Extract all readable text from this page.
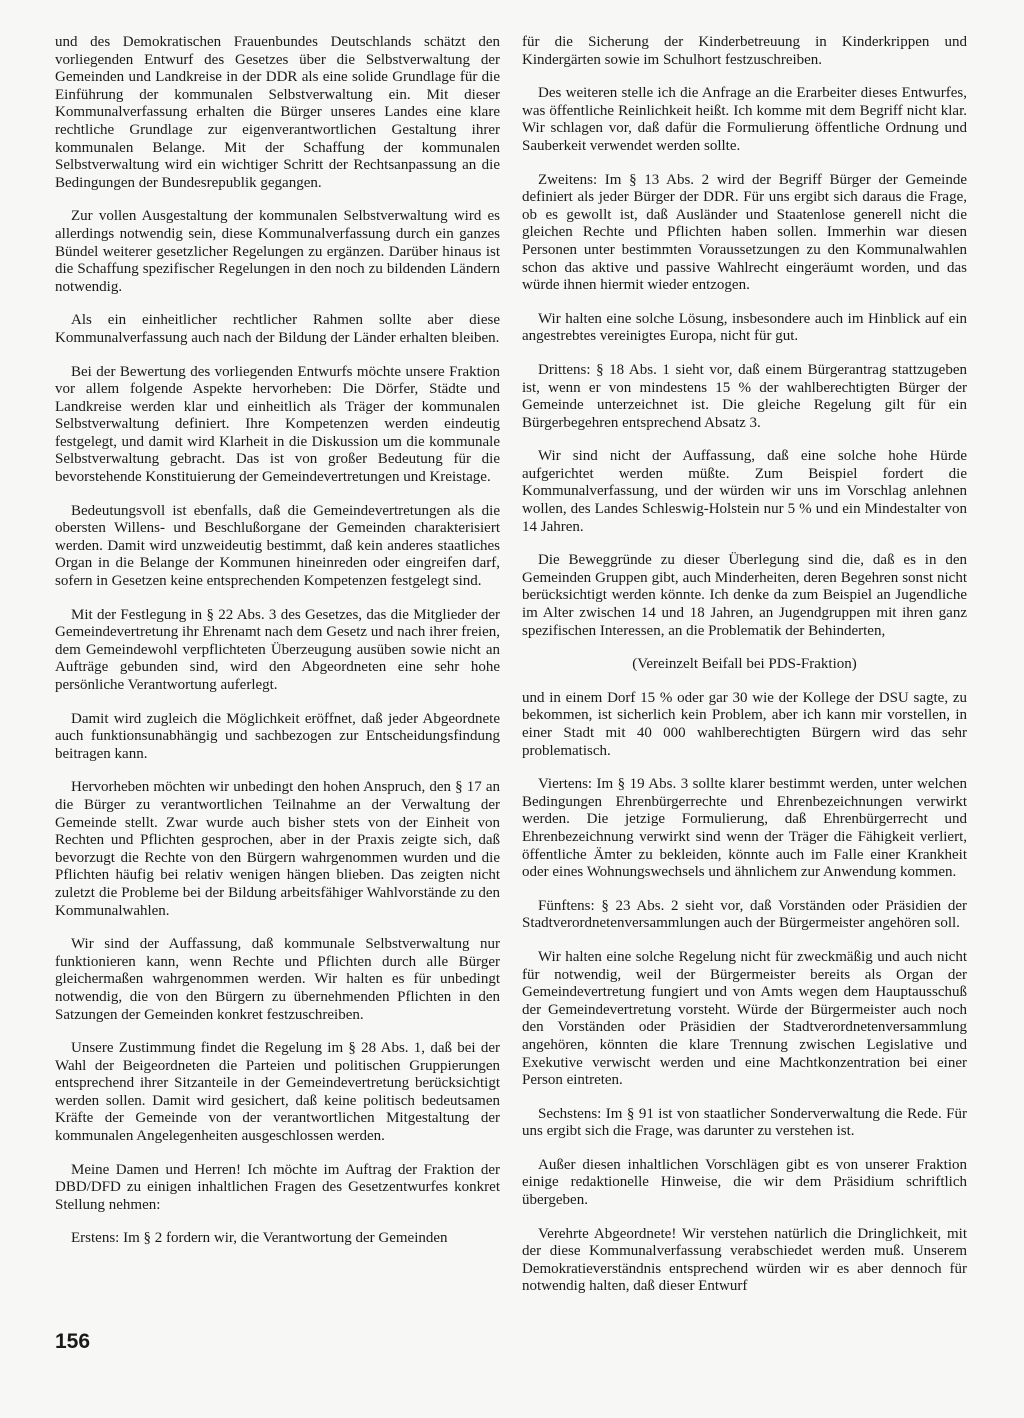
und des Demokratischen Frauenbundes Deutschlands schätzt den vorliegenden Entwurf des Gesetzes über die Selbstverwaltung der Gemeinden und Landkreise in der DDR als eine solide Grundlage für die Einführung der kommunalen Selbstverwaltung ein. Mit dieser Kommunalverfassung erhalten die Bürger unseres Landes eine klare rechtliche Grundlage zur eigenverantwortlichen Gestaltung ihrer kommunalen Belange. Mit der Schaffung der kommunalen Selbstverwaltung wird ein wichtiger Schritt der Rechtsanpassung an die Bedingungen der Bundesrepublik gegangen.

Zur vollen Ausgestaltung der kommunalen Selbstverwaltung wird es allerdings notwendig sein, diese Kommunalverfassung durch ein ganzes Bündel weiterer gesetzlicher Regelungen zu ergänzen. Darüber hinaus ist die Schaffung spezifischer Regelungen in den noch zu bildenden Ländern notwendig.

Als ein einheitlicher rechtlicher Rahmen sollte aber diese Kommunalverfassung auch nach der Bildung der Länder erhalten bleiben.

Bei der Bewertung des vorliegenden Entwurfs möchte unsere Fraktion vor allem folgende Aspekte hervorheben: Die Dörfer, Städte und Landkreise werden klar und einheitlich als Träger der kommunalen Selbstverwaltung definiert. Ihre Kompetenzen werden eindeutig festgelegt, und damit wird Klarheit in die Diskussion um die kommunale Selbstverwaltung gebracht. Das ist von großer Bedeutung für die bevorstehende Konstituierung der Gemeindevertretungen und Kreistage.

Bedeutungsvoll ist ebenfalls, daß die Gemeindevertretungen als die obersten Willens- und Beschlußorgane der Gemeinden charakterisiert werden. Damit wird unzweideutig bestimmt, daß kein anderes staatliches Organ in die Belange der Kommunen hineinreden oder eingreifen darf, sofern in Gesetzen keine entsprechenden Kompetenzen festgelegt sind.

Mit der Festlegung in § 22 Abs. 3 des Gesetzes, das die Mitglieder der Gemeindevertretung ihr Ehrenamt nach dem Gesetz und nach ihrer freien, dem Gemeindewohl verpflichteten Überzeugung ausüben sowie nicht an Aufträge gebunden sind, wird den Abgeordneten eine sehr hohe persönliche Verantwortung auferlegt.

Damit wird zugleich die Möglichkeit eröffnet, daß jeder Abgeordnete auch funktionsunabhängig und sachbezogen zur Entscheidungsfindung beitragen kann.

Hervorheben möchten wir unbedingt den hohen Anspruch, den § 17 an die Bürger zu verantwortlichen Teilnahme an der Verwaltung der Gemeinde stellt. Zwar wurde auch bisher stets von der Einheit von Rechten und Pflichten gesprochen, aber in der Praxis zeigte sich, daß bevorzugt die Rechte von den Bürgern wahrgenommen wurden und die Pflichten häufig bei relativ wenigen hängen blieben. Das zeigten nicht zuletzt die Probleme bei der Bildung arbeitsfähiger Wahlvorstände zu den Kommunalwahlen.

Wir sind der Auffassung, daß kommunale Selbstverwaltung nur funktionieren kann, wenn Rechte und Pflichten durch alle Bürger gleichermaßen wahrgenommen werden. Wir halten es für unbedingt notwendig, die von den Bürgern zu übernehmenden Pflichten in den Satzungen der Gemeinden konkret festzuschreiben.

Unsere Zustimmung findet die Regelung im § 28 Abs. 1, daß bei der Wahl der Beigeordneten die Parteien und politischen Gruppierungen entsprechend ihrer Sitzanteile in der Gemeindevertretung berücksichtigt werden sollen. Damit wird gesichert, daß keine politisch bedeutsamen Kräfte der Gemeinde von der verantwortlichen Mitgestaltung der kommunalen Angelegenheiten ausgeschlossen werden.

Meine Damen und Herren! Ich möchte im Auftrag der Fraktion der DBD/DFD zu einigen inhaltlichen Fragen des Gesetzentwurfes konkret Stellung nehmen:

Erstens: Im § 2 fordern wir, die Verantwortung der Gemeinden

für die Sicherung der Kinderbetreuung in Kinderkrippen und Kindergärten sowie im Schulhort festzuschreiben.

Des weiteren stelle ich die Anfrage an die Erarbeiter dieses Entwurfes, was öffentliche Reinlichkeit heißt. Ich komme mit dem Begriff nicht klar. Wir schlagen vor, daß dafür die Formulierung öffentliche Ordnung und Sauberkeit verwendet werden sollte.

Zweitens: Im § 13 Abs. 2 wird der Begriff Bürger der Gemeinde definiert als jeder Bürger der DDR. Für uns ergibt sich daraus die Frage, ob es gewollt ist, daß Ausländer und Staatenlose generell nicht die gleichen Rechte und Pflichten haben sollen. Immerhin war diesen Personen unter bestimmten Voraussetzungen zu den Kommunalwahlen schon das aktive und passive Wahlrecht eingeräumt worden, und das würde ihnen hiermit wieder entzogen.

Wir halten eine solche Lösung, insbesondere auch im Hinblick auf ein angestrebtes vereinigtes Europa, nicht für gut.

Drittens: § 18 Abs. 1 sieht vor, daß einem Bürgerantrag stattzugeben ist, wenn er von mindestens 15 % der wahlberechtigten Bürger der Gemeinde unterzeichnet ist. Die gleiche Regelung gilt für ein Bürgerbegehren entsprechend Absatz 3.

Wir sind nicht der Auffassung, daß eine solche hohe Hürde aufgerichtet werden müßte. Zum Beispiel fordert die Kommunalverfassung, und der würden wir uns im Vorschlag anlehnen wollen, des Landes Schleswig-Holstein nur 5 % und ein Mindestalter von 14 Jahren.

Die Beweggründe zu dieser Überlegung sind die, daß es in den Gemeinden Gruppen gibt, auch Minderheiten, deren Begehren sonst nicht berücksichtigt werden könnte. Ich denke da zum Beispiel an Jugendliche im Alter zwischen 14 und 18 Jahren, an Jugendgruppen mit ihren ganz spezifischen Interessen, an die Problematik der Behinderten,

(Vereinzelt Beifall bei PDS-Fraktion)

und in einem Dorf 15 % oder gar 30 wie der Kollege der DSU sagte, zu bekommen, ist sicherlich kein Problem, aber ich kann mir vorstellen, in einer Stadt mit 40 000 wahlberechtigten Bürgern wird das sehr problematisch.

Viertens: Im § 19 Abs. 3 sollte klarer bestimmt werden, unter welchen Bedingungen Ehrenbürgerrechte und Ehrenbezeichnungen verwirkt werden. Die jetzige Formulierung, daß Ehrenbürgerrecht und Ehrenbezeichnung verwirkt sind wenn der Träger die Fähigkeit verliert, öffentliche Ämter zu bekleiden, könnte auch im Falle einer Krankheit oder eines Wohnungswechsels und ähnlichem zur Anwendung kommen.

Fünftens: § 23 Abs. 2 sieht vor, daß Vorständen oder Präsidien der Stadtverordnetenversammlungen auch der Bürgermeister angehören soll.

Wir halten eine solche Regelung nicht für zweckmäßig und auch nicht für notwendig, weil der Bürgermeister bereits als Organ der Gemeindevertretung fungiert und von Amts wegen dem Hauptausschuß der Gemeindevertretung vorsteht. Würde der Bürgermeister auch noch den Vorständen oder Präsidien der Stadtverordnetenversammlung angehören, könnten die klare Trennung zwischen Legislative und Exekutive verwischt werden und eine Machtkonzentration bei einer Person eintreten.

Sechstens: Im § 91 ist von staatlicher Sonderverwaltung die Rede. Für uns ergibt sich die Frage, was darunter zu verstehen ist.

Außer diesen inhaltlichen Vorschlägen gibt es von unserer Fraktion einige redaktionelle Hinweise, die wir dem Präsidium schriftlich übergeben.

Verehrte Abgeordnete! Wir verstehen natürlich die Dringlichkeit, mit der diese Kommunalverfassung verabschiedet werden muß. Unserem Demokratieverständnis entsprechend würden wir es aber dennoch für notwendig halten, daß dieser Entwurf

156
